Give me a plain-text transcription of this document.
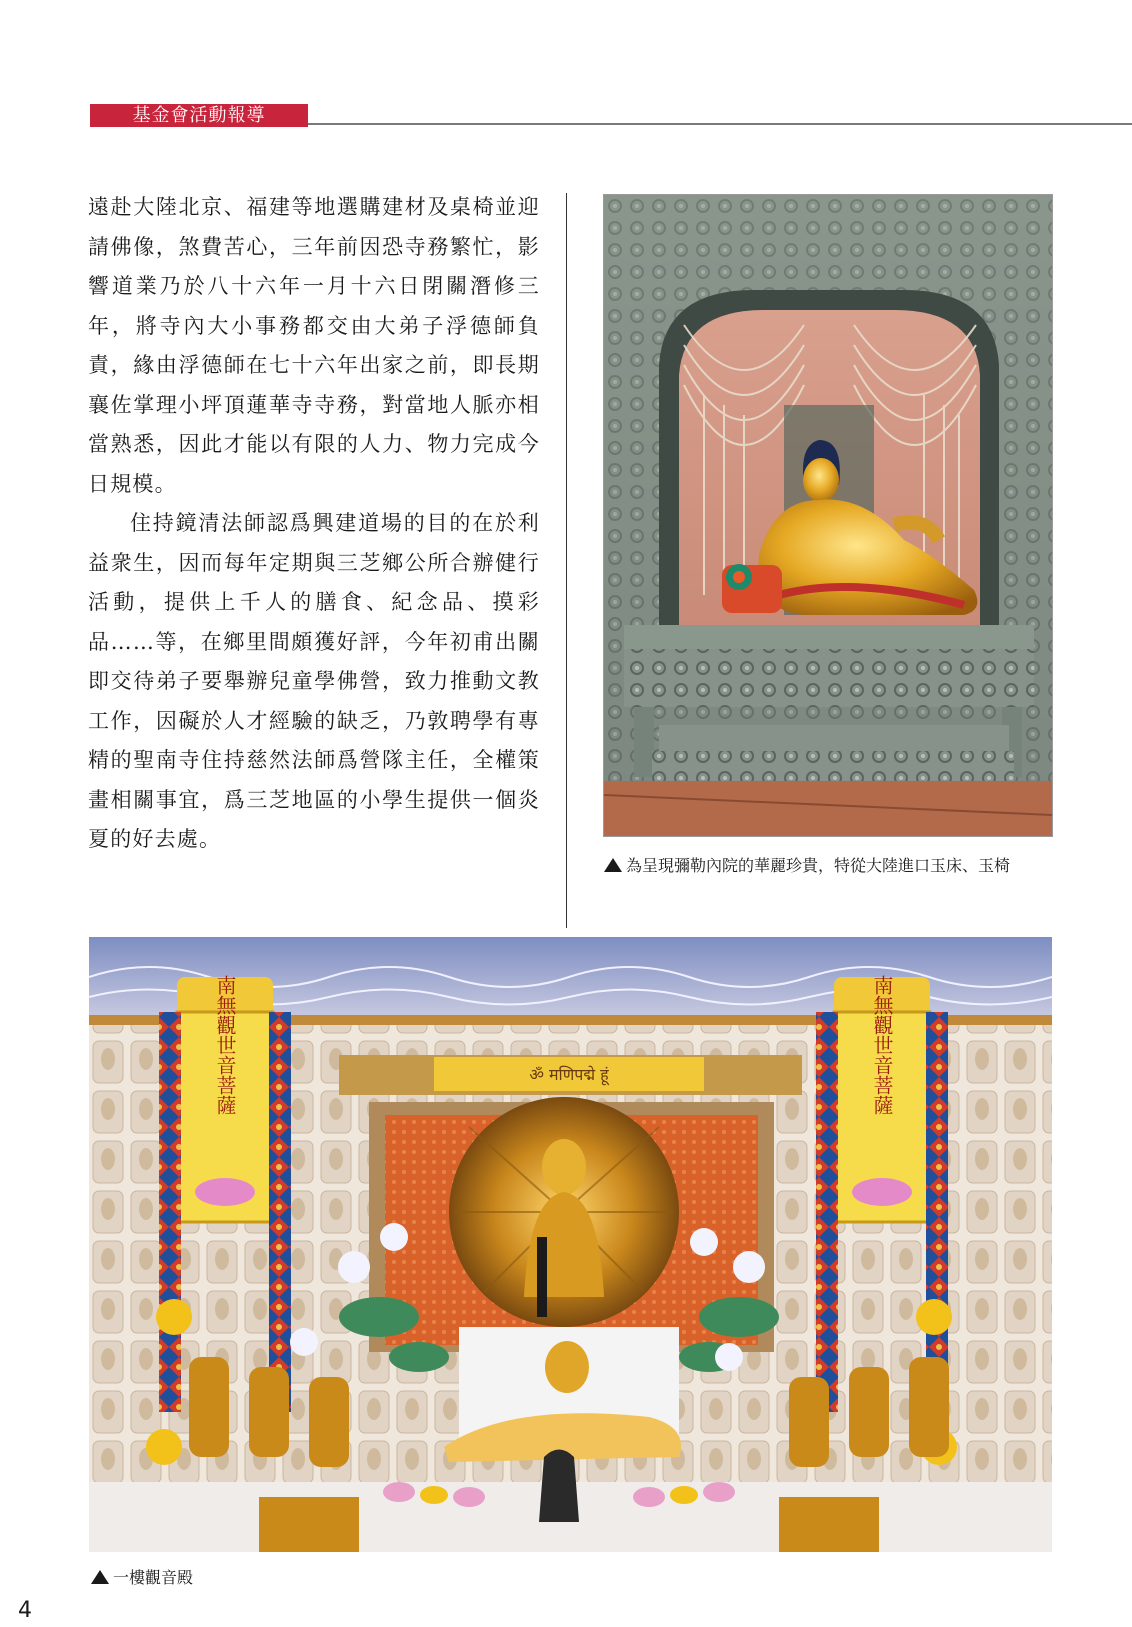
基金會活動報導

遠赴大陸北京、福建等地選購建材及桌椅並迎請佛像，煞費苦心，三年前因恐寺務繁忙，影響道業乃於八十六年一月十六日閉關潛修三年，將寺內大小事務都交由大弟子浮德師負責，緣由浮德師在七十六年出家之前，即長期襄佐掌理小坪頂蓮華寺寺務，對當地人脈亦相當熟悉，因此才能以有限的人力、物力完成今日規模。

住持鏡清法師認爲興建道場的目的在於利益衆生，因而每年定期與三芝鄉公所合辦健行活動，提供上千人的膳食、紀念品、摸彩品……等，在鄉里間頗獲好評，今年初甫出關即交待弟子要舉辦兒童學佛營，致力推動文教工作，因礙於人才經驗的缺乏，乃敦聘學有專精的聖南寺住持慈然法師爲營隊主任，全權策畫相關事宜，爲三芝地區的小學生提供一個炎夏的好去處。

為呈現彌勒內院的華麗珍貴，特從大陸進口玉床、玉椅
ॐ मणिपद्मे हूं
南無觀世音菩薩	南無觀世音菩薩
一樓觀音殿
4
